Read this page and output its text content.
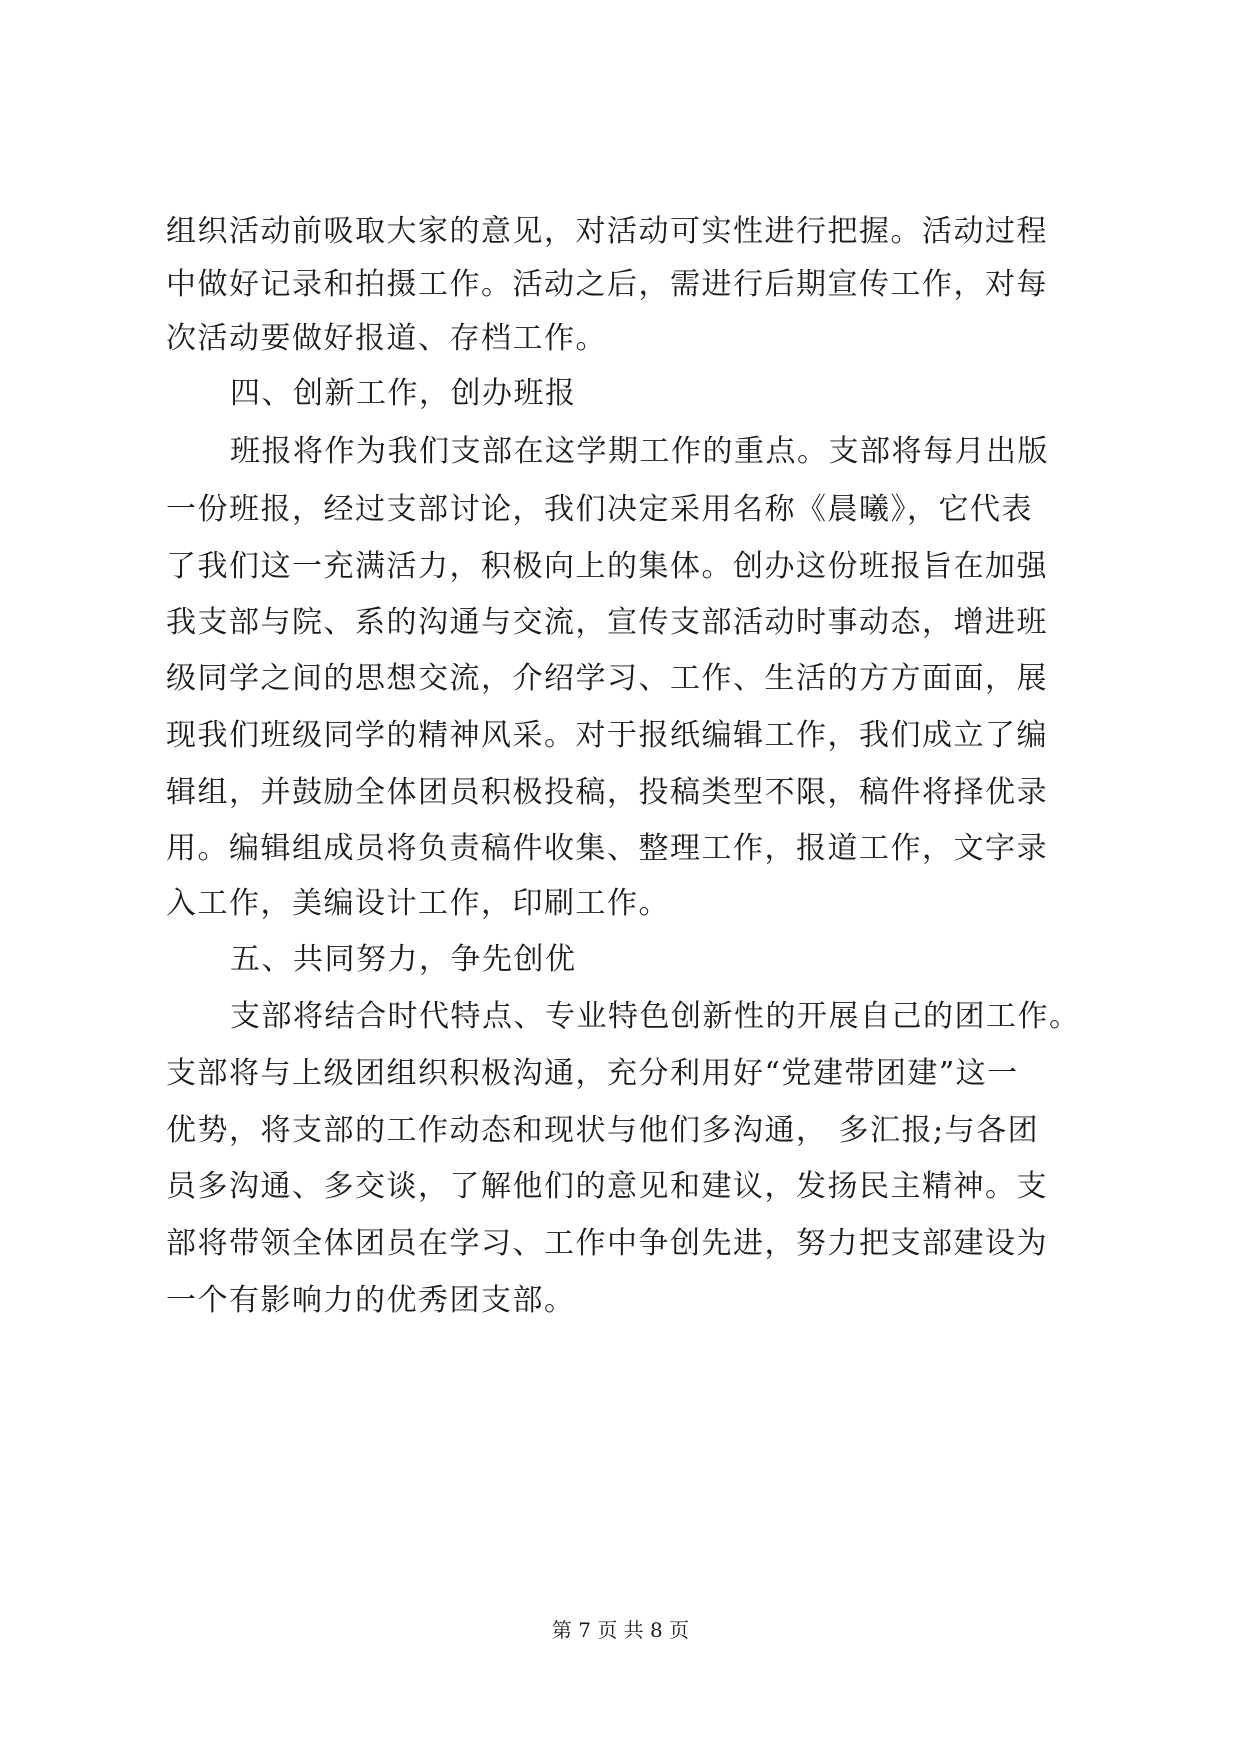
组织活动前吸取大家的意见，对活动可实性进行把握。活动过程
中做好记录和拍摄工作。活动之后，需进行后期宣传工作，对每
次活动要做好报道、存档工作。
四、创新工作，创办班报
班报将作为我们支部在这学期工作的重点。支部将每月出版
一份班报，经过支部讨论，我们决定采用名称《晨曦》，它代表
了我们这一充满活力，积极向上的集体。创办这份班报旨在加强
我支部与院、系的沟通与交流，宣传支部活动时事动态，增进班
级同学之间的思想交流，介绍学习、工作、生活的方方面面，展
现我们班级同学的精神风采。对于报纸编辑工作，我们成立了编
辑组，并鼓励全体团员积极投稿，投稿类型不限，稿件将择优录
用。编辑组成员将负责稿件收集、整理工作，报道工作，文字录
入工作，美编设计工作，印刷工作。
五、共同努力，争先创优
支部将结合时代特点、专业特色创新性的开展自己的团工作。
支部将与上级团组织积极沟通，充分利用好“党建带团建”这一
优势，将支部的工作动态和现状与他们多沟通， 多汇报;与各团
员多沟通、多交谈，了解他们的意见和建议，发扬民主精神。支
部将带领全体团员在学习、工作中争创先进，努力把支部建设为
一个有影响力的优秀团支部。
第 7 页 共 8 页
